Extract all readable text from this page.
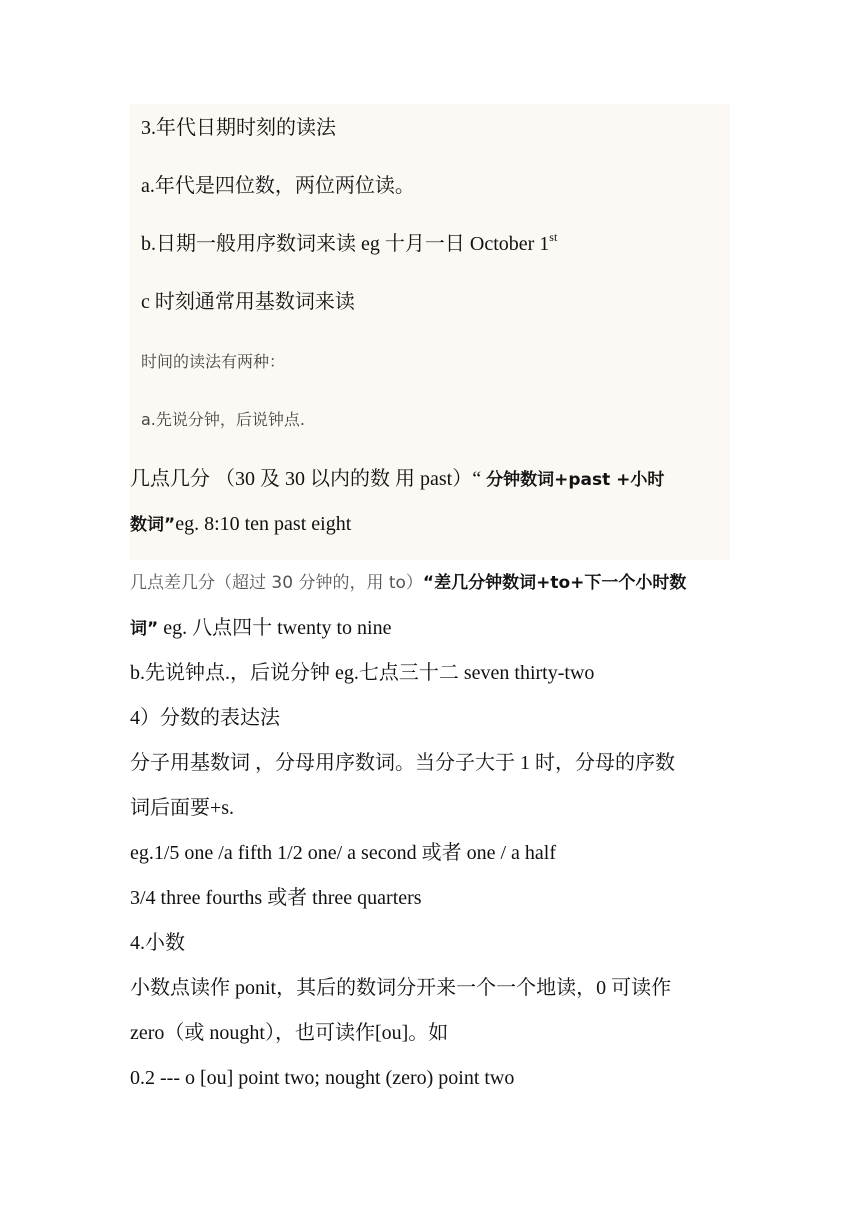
3.年代日期时刻的读法
a.年代是四位数，两位两位读。
b.日期一般用序数词来读 eg 十月一日 October 1st
c 时刻通常用基数词来读
时间的读法有两种：
a.先说分钟，后说钟点.
几点几分 （30 及 30 以内的数 用 past）“ 分钟数词+past +小时
数词”eg. 8:10 ten past eight
几点差几分（超过 30 分钟的，用 to）“差几分钟数词+to+下一个小时数
词” eg. 八点四十 twenty to nine
b.先说钟点.，后说分钟 eg.七点三十二 seven thirty-two
4）分数的表达法
分子用基数词 ，分母用序数词。当分子大于 1 时，分母的序数
词后面要+s.
eg.1/5 one /a fifth 1/2 one/ a second 或者 one / a half
3/4 three fourths 或者 three quarters
4.小数
小数点读作 ponit，其后的数词分开来一个一个地读，0 可读作
zero（或 nought），也可读作[ou]。如
0.2 --- o [ou] point two; nought (zero) point two
